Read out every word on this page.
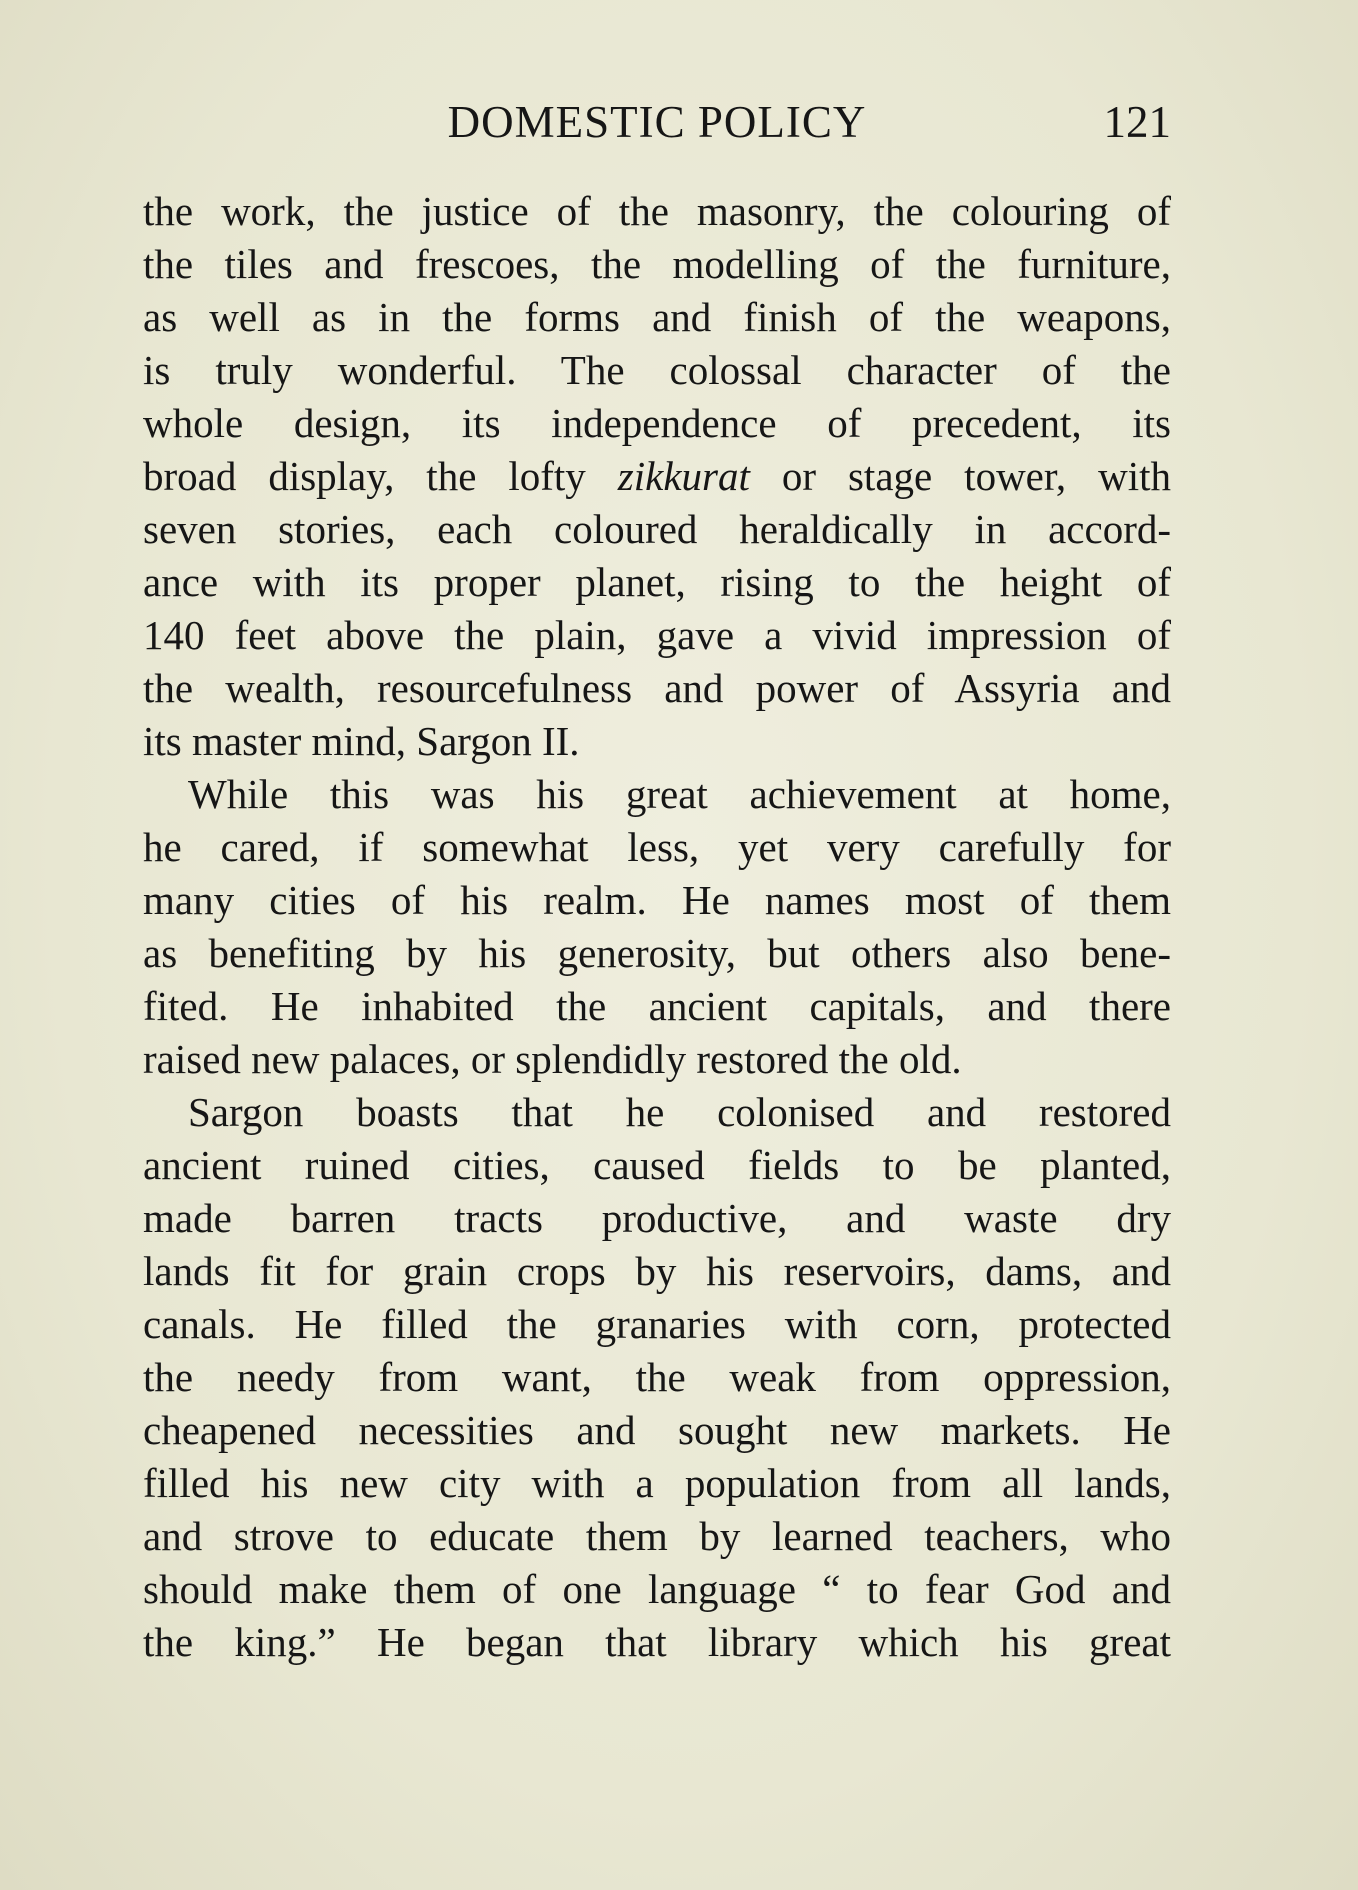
DOMESTIC POLICY	121
the work, the justice of the masonry, the colouring of
the tiles and frescoes, the modelling of the furniture,
as well as in the forms and finish of the weapons,
is truly wonderful. The colossal character of the
whole design, its independence of precedent, its
broad display, the lofty zikkurat or stage tower, with
seven stories, each coloured heraldically in accord-
ance with its proper planet, rising to the height of
140 feet above the plain, gave a vivid impression of
the wealth, resourcefulness and power of Assyria and
its master mind, Sargon II.
While this was his great achievement at home,
he cared, if somewhat less, yet very carefully for
many cities of his realm. He names most of them
as benefiting by his generosity, but others also bene-
fited. He inhabited the ancient capitals, and there
raised new palaces, or splendidly restored the old.
Sargon boasts that he colonised and restored
ancient ruined cities, caused fields to be planted,
made barren tracts productive, and waste dry
lands fit for grain crops by his reservoirs, dams, and
canals. He filled the granaries with corn, protected
the needy from want, the weak from oppression,
cheapened necessities and sought new markets. He
filled his new city with a population from all lands,
and strove to educate them by learned teachers, who
should make them of one language “ to fear God and
the king.” He began that library which his great
